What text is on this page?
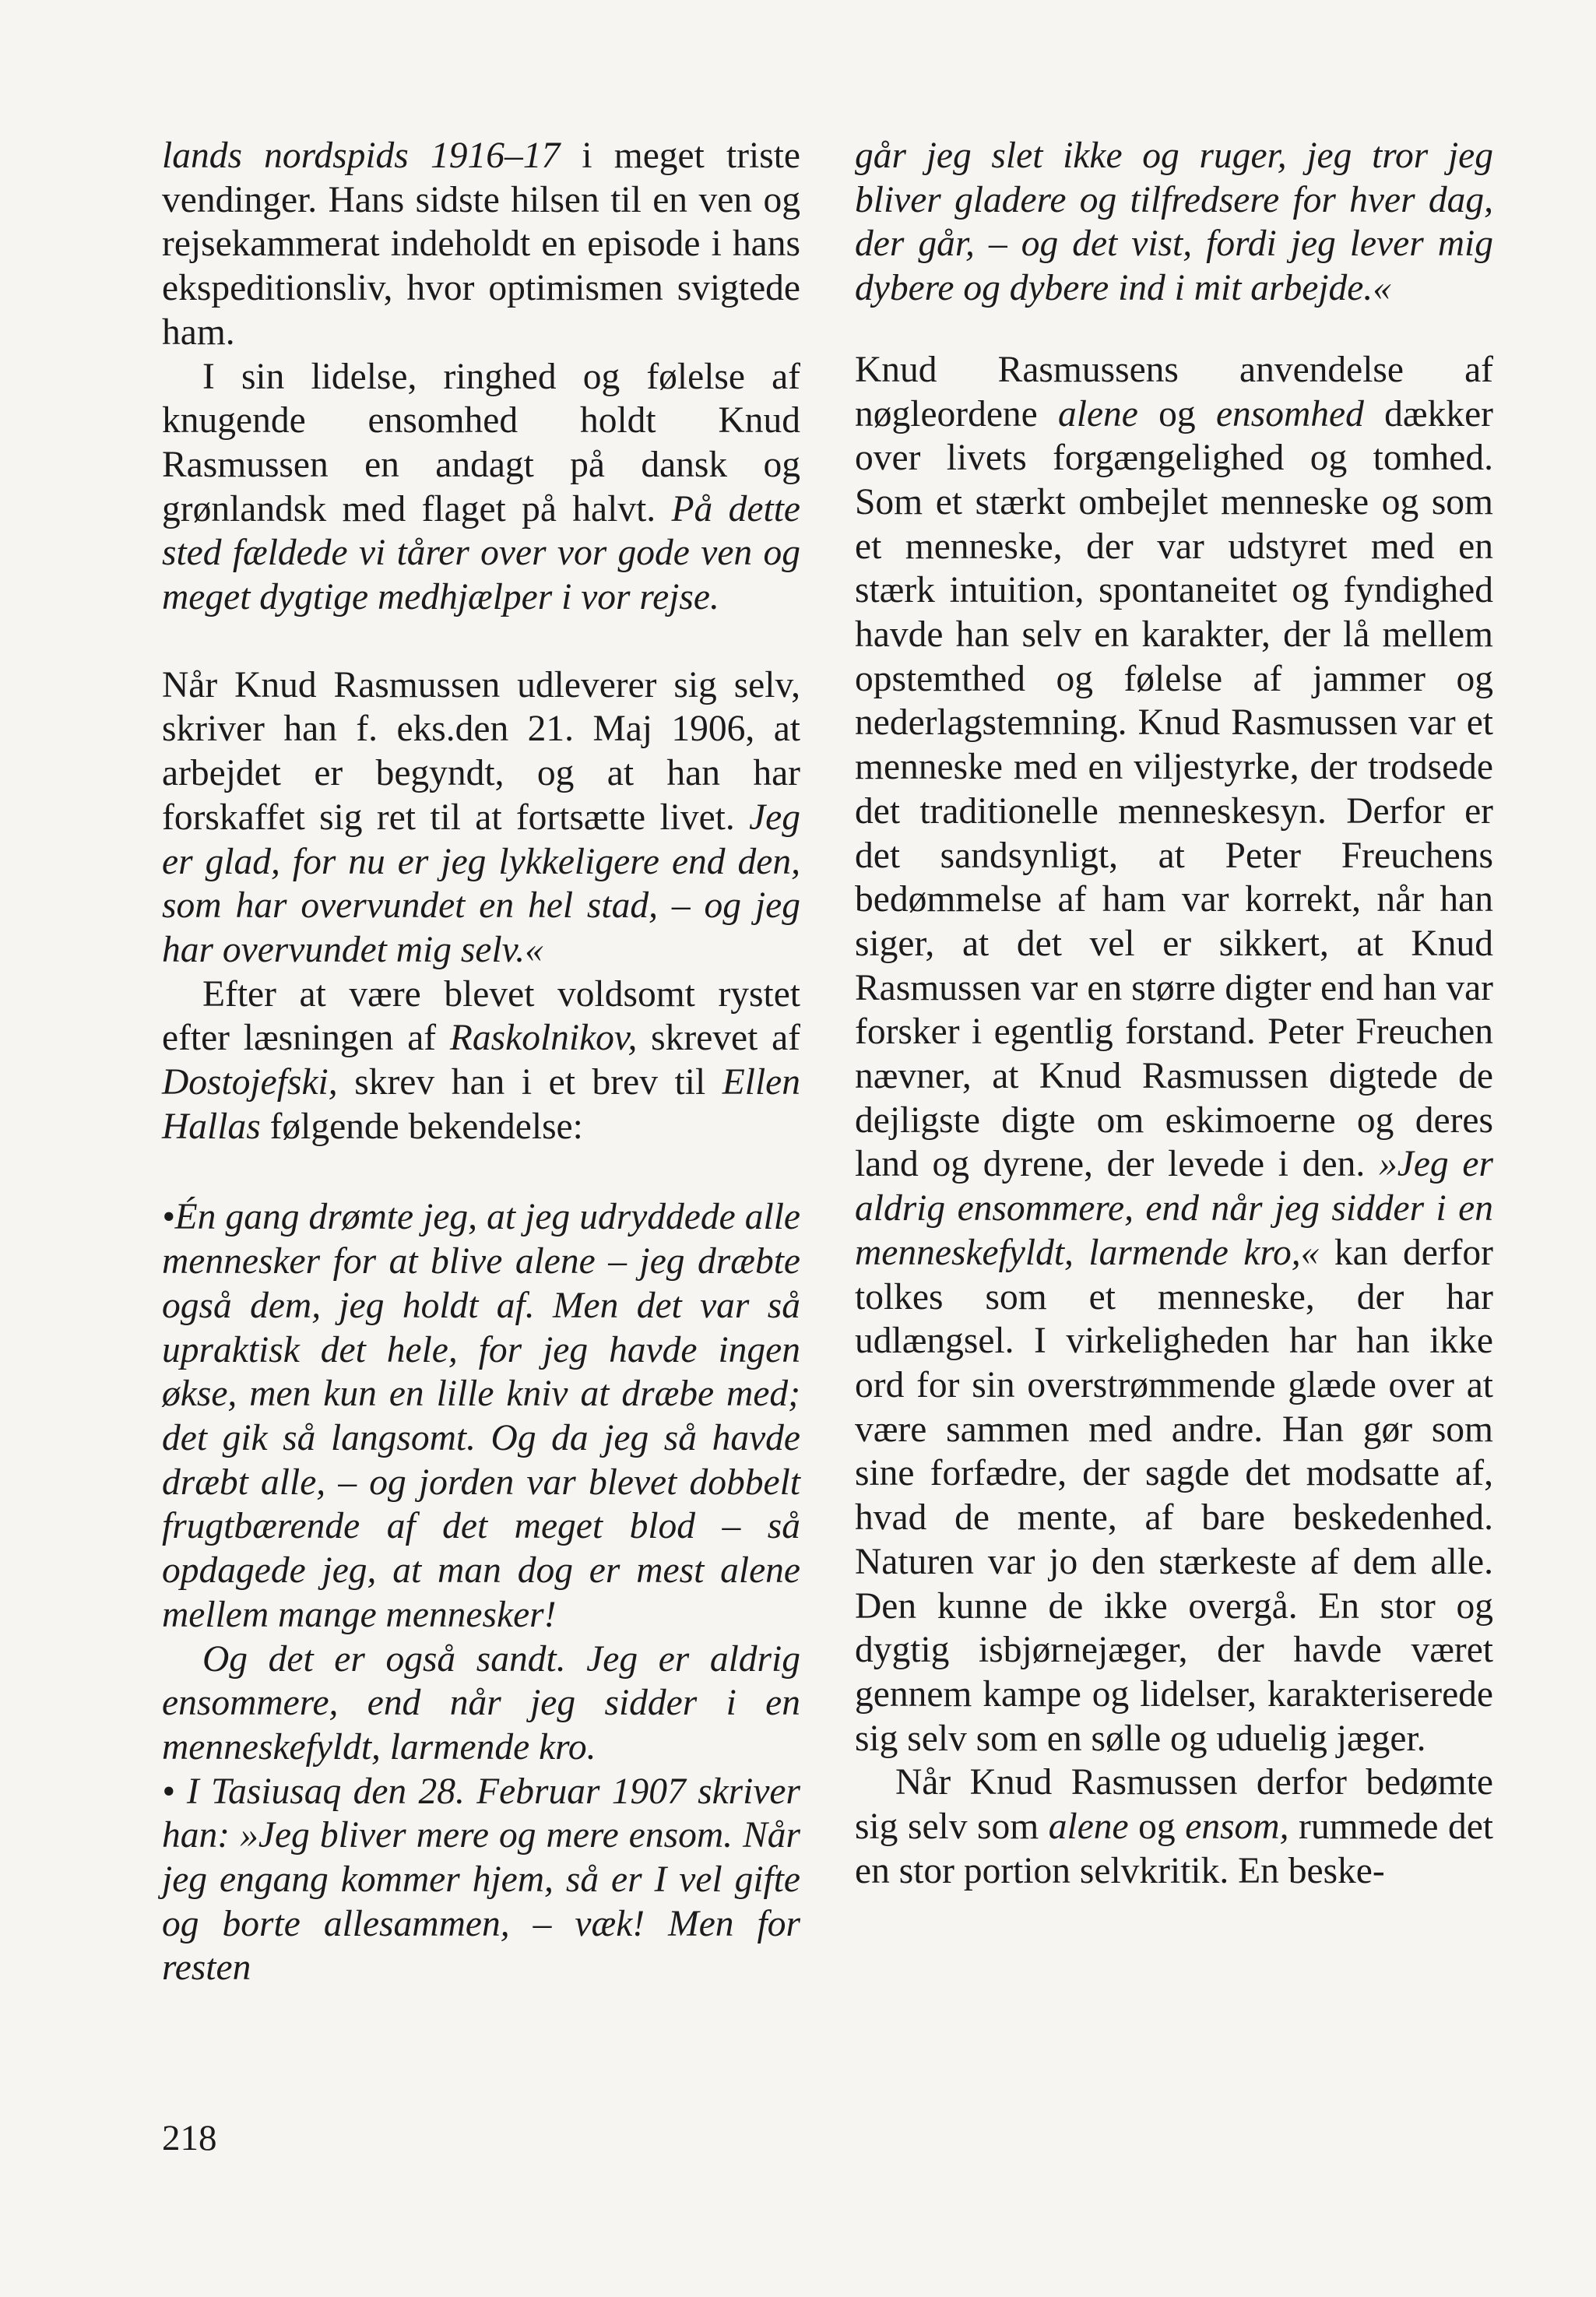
lands nordspids 1916–17 i meget triste vendinger. Hans sidste hilsen til en ven og rejsekammerat indeholdt en episode i hans ekspeditionsliv, hvor optimismen svigtede ham.

I sin lidelse, ringhed og følelse af knugende ensomhed holdt Knud Rasmussen en andagt på dansk og grønlandsk med flaget på halvt. På dette sted fældede vi tårer over vor gode ven og meget dygtige medhjælper i vor rejse.

Når Knud Rasmussen udleverer sig selv, skriver han f. eks.den 21. Maj 1906, at arbejdet er begyndt, og at han har forskaffet sig ret til at fortsætte livet. Jeg er glad, for nu er jeg lykkeligere end den, som har overvundet en hel stad, – og jeg har overvundet mig selv.«

Efter at være blevet voldsomt rystet efter læsningen af Raskolnikov, skrevet af Dostojefski, skrev han i et brev til Ellen Hallas følgende bekendelse:

•Én gang drømte jeg, at jeg udryddede alle mennesker for at blive alene – jeg dræbte også dem, jeg holdt af. Men det var så upraktisk det hele, for jeg havde ingen økse, men kun en lille kniv at dræbe med; det gik så langsomt. Og da jeg så havde dræbt alle, – og jorden var blevet dobbelt frugtbærende af det meget blod – så opdagede jeg, at man dog er mest alene mellem mange mennesker!

Og det er også sandt. Jeg er aldrig ensommere, end når jeg sidder i en menneskefyldt, larmende kro.

• I Tasiusaq den 28. Februar 1907 skriver han: »Jeg bliver mere og mere ensom. Når jeg engang kommer hjem, så er I vel gifte og borte allesammen, – væk! Men for resten

går jeg slet ikke og ruger, jeg tror jeg bliver gladere og tilfredsere for hver dag, der går, – og det vist, fordi jeg lever mig dybere og dybere ind i mit arbejde.«

Knud Rasmussens anvendelse af nøgleordene alene og ensomhed dækker over livets forgængelighed og tomhed. Som et stærkt ombejlet menneske og som et menneske, der var udstyret med en stærk intuition, spontaneitet og fyndighed havde han selv en karakter, der lå mellem opstemthed og følelse af jammer og nederlagstemning. Knud Rasmussen var et menneske med en viljestyrke, der trodsede det traditionelle menneskesyn. Derfor er det sandsynligt, at Peter Freuchens bedømmelse af ham var korrekt, når han siger, at det vel er sikkert, at Knud Rasmussen var en større digter end han var forsker i egentlig forstand. Peter Freuchen nævner, at Knud Rasmussen digtede de dejligste digte om eskimoerne og deres land og dyrene, der levede i den. »Jeg er aldrig ensommere, end når jeg sidder i en menneskefyldt, larmende kro,« kan derfor tolkes som et menneske, der har udlængsel. I virkeligheden har han ikke ord for sin overstrømmende glæde over at være sammen med andre. Han gør som sine forfædre, der sagde det modsatte af, hvad de mente, af bare beskedenhed. Naturen var jo den stærkeste af dem alle. Den kunne de ikke overgå. En stor og dygtig isbjørnejæger, der havde været gennem kampe og lidelser, karakteriserede sig selv som en sølle og uduelig jæger.

Når Knud Rasmussen derfor bedømte sig selv som alene og ensom, rummede det en stor portion selvkritik. En beske-

218
